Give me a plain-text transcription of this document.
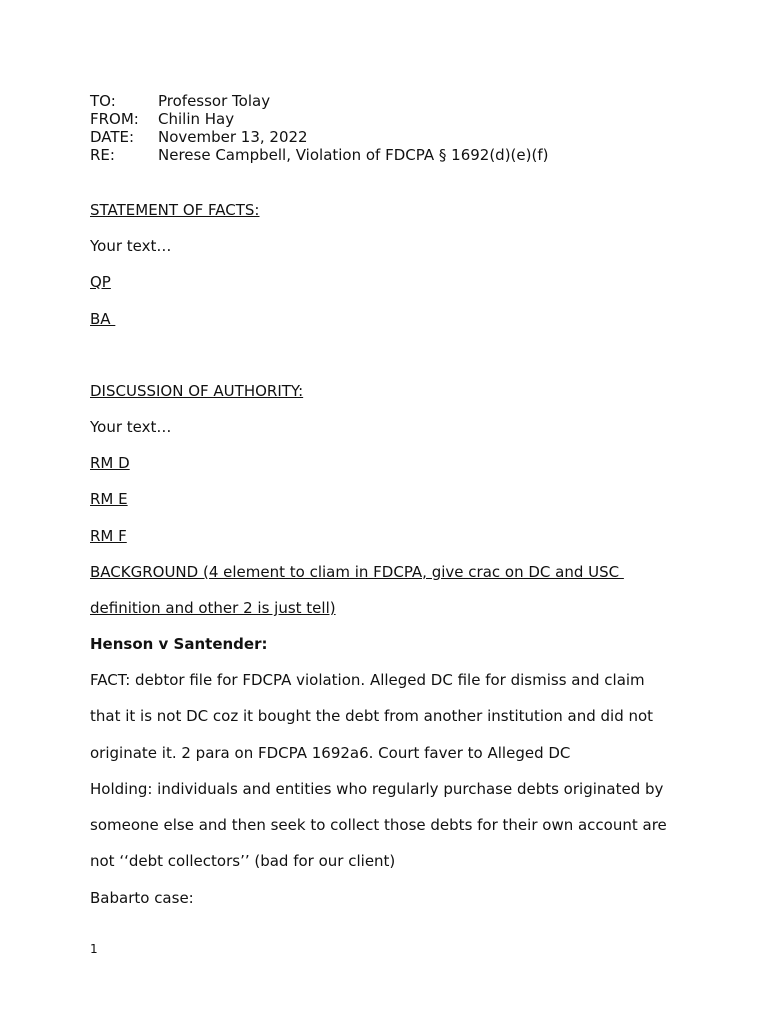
TO:	Professor Tolay
FROM:	Chilin Hay
DATE:	November 13, 2022
RE:	Nerese Campbell, Violation of FDCPA § 1692(d)(e)(f)
STATEMENT OF FACTS:
Your text…
QP
BA
DISCUSSION OF AUTHORITY:
Your text…
RM D
RM E
RM F
BACKGROUND (4 element to cliam in FDCPA, give crac on DC and USC
definition and other 2 is just tell)
Henson v Santender:
FACT: debtor file for FDCPA violation. Alleged DC file for dismiss and claim
that it is not DC coz it bought the debt from another institution and did not
originate it. 2 para on FDCPA 1692a6. Court faver to Alleged DC
Holding: individuals and entities who regularly purchase debts originated by
someone else and then seek to collect those debts for their own account are
not ‘‘debt collectors’’ (bad for our client)
Babarto case:
1
